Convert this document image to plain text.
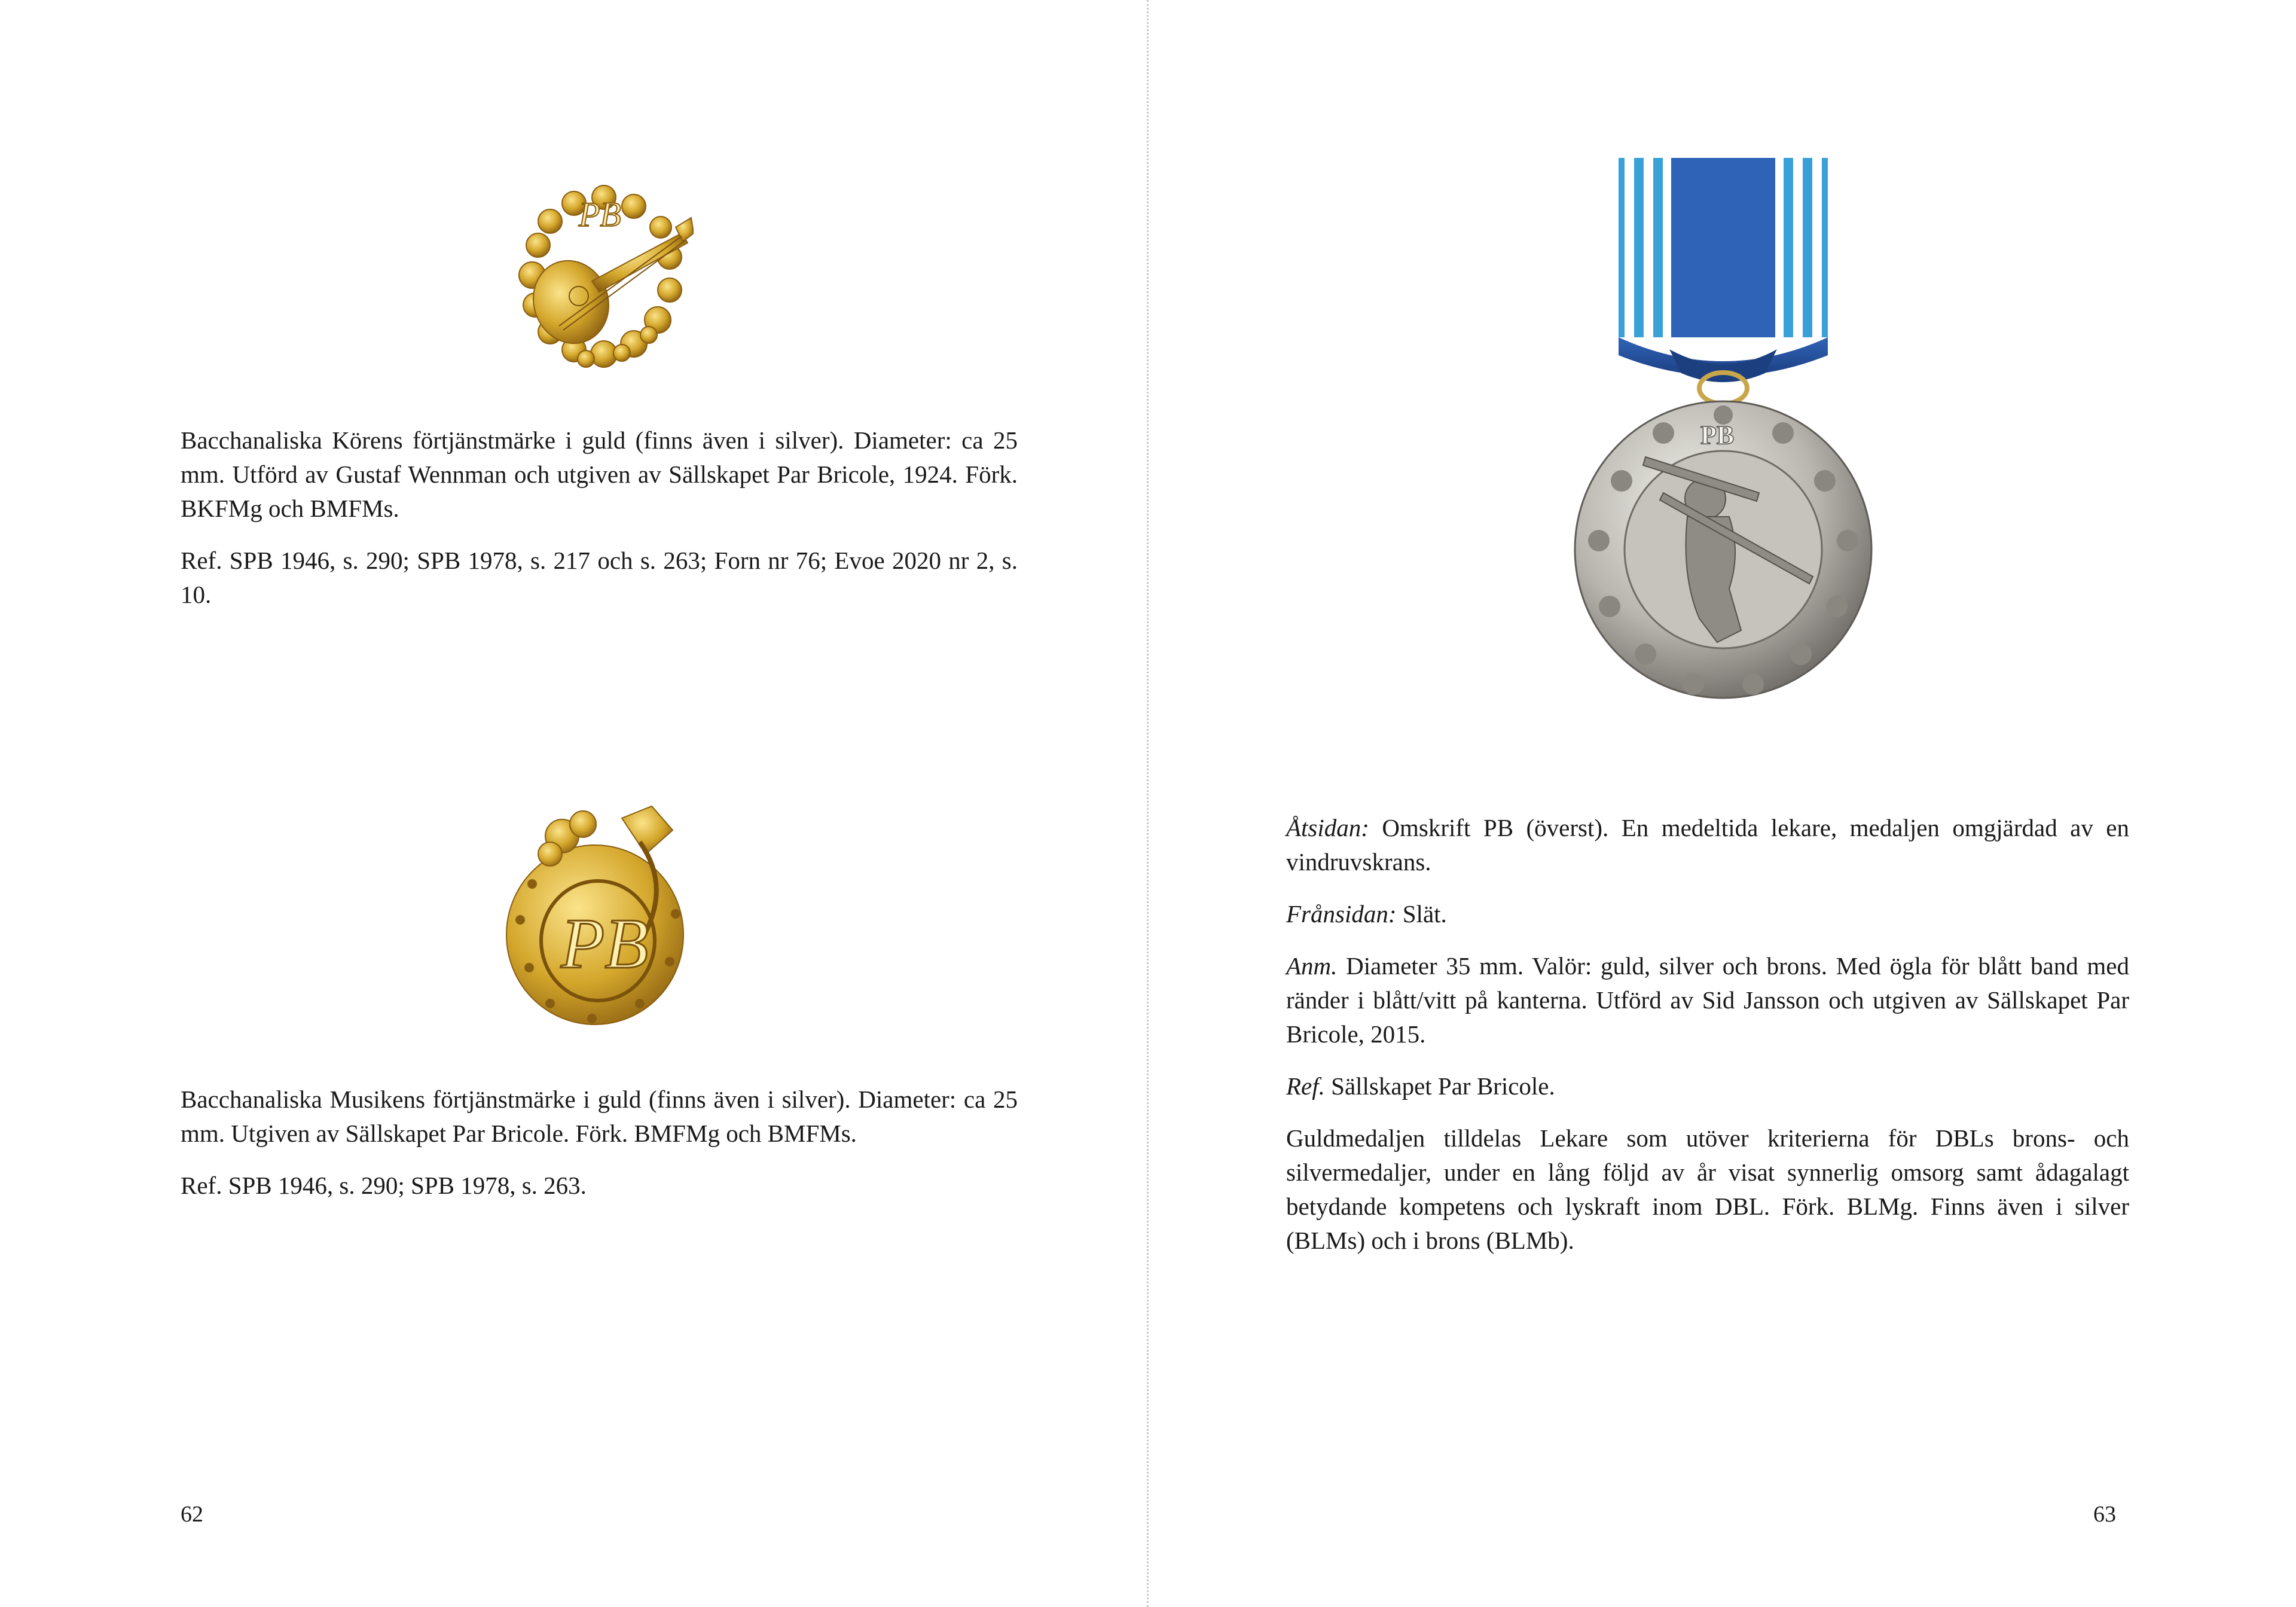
PB

Bacchanaliska Körens förtjänstmärke i guld (finns även i silver). Diameter: ca 25 mm. Utförd av Gustaf Wennman och utgiven av Sällskapet Par Bricole, 1924. Förk. BKFMg och BMFMs.

Ref. SPB 1946, s. 290; SPB 1978, s. 217 och s. 263; Forn nr 76; Evoe 2020 nr 2, s. 10.

PB

Bacchanaliska Musikens förtjänstmärke i guld (finns även i silver). Diameter: ca 25 mm. Utgiven av Sällskapet Par Bricole. Förk. BMFMg och BMFMs.

Ref. SPB 1946, s. 290; SPB 1978, s. 263.

62
PB

Åtsidan: Omskrift PB (överst). En medeltida lekare, medaljen omgjärdad av en vindruvskrans.

Frånsidan: Slät.

Anm. Diameter 35 mm. Valör: guld, silver och brons. Med ögla för blått band med ränder i blått/vitt på kanterna. Utförd av Sid Jansson och utgiven av Sällskapet Par Bricole, 2015.

Ref. Sällskapet Par Bricole.

Guldmedaljen tilldelas Lekare som utöver kriterierna för DBLs brons- och silvermedaljer, under en lång följd av år visat synnerlig omsorg samt ådagalagt betydande kompetens och lyskraft inom DBL. Förk. BLMg. Finns även i silver (BLMs) och i brons (BLMb).

63
